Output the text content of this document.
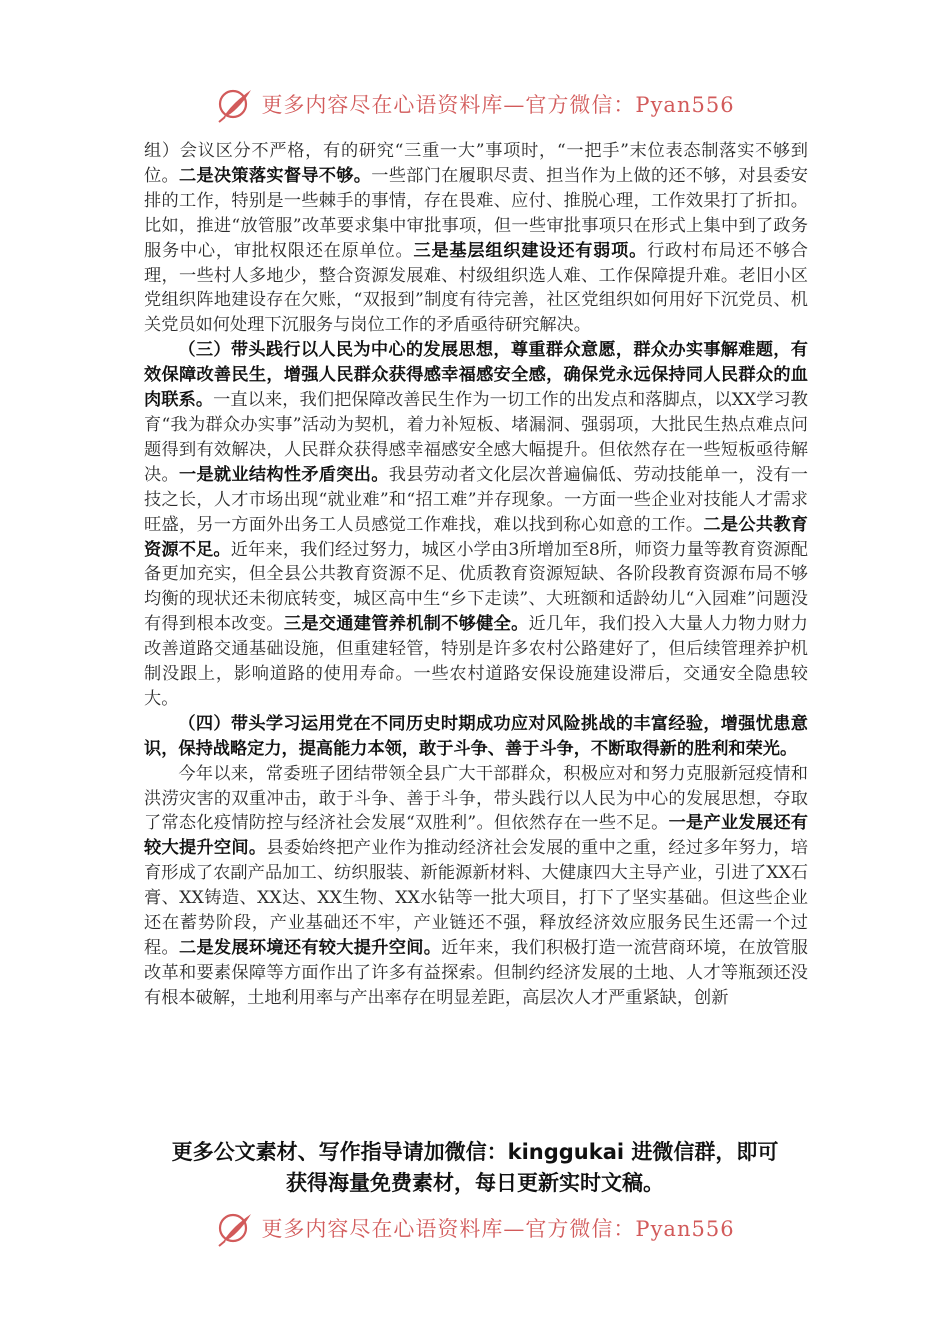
更多内容尽在心语资料库—官方微信：Pyan556

组）会议区分不严格，有的研究“三重一大”事项时，“一把手”末位表态制落实不够到位。二是决策落实督导不够。一些部门在履职尽责、担当作为上做的还不够，对县委安排的工作，特别是一些棘手的事情，存在畏难、应付、推脱心理，工作效果打了折扣。比如，推进“放管服”改革要求集中审批事项，但一些审批事项只在形式上集中到了政务服务中心，审批权限还在原单位。三是基层组织建设还有弱项。行政村布局还不够合理，一些村人多地少，整合资源发展难、村级组织选人难、工作保障提升难。老旧小区党组织阵地建设存在欠账，“双报到”制度有待完善，社区党组织如何用好下沉党员、机关党员如何处理下沉服务与岗位工作的矛盾亟待研究解决。

（三）带头践行以人民为中心的发展思想，尊重群众意愿，群众办实事解难题，有效保障改善民生，增强人民群众获得感幸福感安全感，确保党永远保持同人民群众的血肉联系。一直以来，我们把保障改善民生作为一切工作的出发点和落脚点，以XX学习教育“我为群众办实事”活动为契机，着力补短板、堵漏洞、强弱项，大批民生热点难点问题得到有效解决，人民群众获得感幸福感安全感大幅提升。但依然存在一些短板亟待解决。一是就业结构性矛盾突出。我县劳动者文化层次普遍偏低、劳动技能单一，没有一技之长，人才市场出现“就业难”和“招工难”并存现象。一方面一些企业对技能人才需求旺盛，另一方面外出务工人员感觉工作难找，难以找到称心如意的工作。二是公共教育资源不足。近年来，我们经过努力，城区小学由3所增加至8所，师资力量等教育资源配备更加充实，但全县公共教育资源不足、优质教育资源短缺、各阶段教育资源布局不够均衡的现状还未彻底转变，城区高中生“乡下走读”、大班额和适龄幼儿“入园难”问题没有得到根本改变。三是交通建管养机制不够健全。近几年，我们投入大量人力物力财力改善道路交通基础设施，但重建轻管，特别是许多农村公路建好了，但后续管理养护机制没跟上，影响道路的使用寿命。一些农村道路安保设施建设滞后，交通安全隐患较大。

（四）带头学习运用党在不同历史时期成功应对风险挑战的丰富经验，增强忧患意识，保持战略定力，提高能力本领，敢于斗争、善于斗争，不断取得新的胜利和荣光。

今年以来，常委班子团结带领全县广大干部群众，积极应对和努力克服新冠疫情和洪涝灾害的双重冲击，敢于斗争、善于斗争，带头践行以人民为中心的发展思想，夺取了常态化疫情防控与经济社会发展“双胜利”。但依然存在一些不足。一是产业发展还有较大提升空间。县委始终把产业作为推动经济社会发展的重中之重，经过多年努力，培育形成了农副产品加工、纺织服装、新能源新材料、大健康四大主导产业，引进了XX石膏、XX铸造、XX达、XX生物、XX水钻等一批大项目，打下了坚实基础。但这些企业还在蓄势阶段，产业基础还不牢，产业链还不强，释放经济效应服务民生还需一个过程。二是发展环境还有较大提升空间。近年来，我们积极打造一流营商环境，在放管服改革和要素保障等方面作出了许多有益探索。但制约经济发展的土地、人才等瓶颈还没有根本破解，土地利用率与产出率存在明显差距，高层次人才严重紧缺，创新

更多公文素材、写作指导请加微信：kinggukai 进微信群，即可
获得海量免费素材，每日更新实时文稿。
更多内容尽在心语资料库—官方微信：Pyan556
